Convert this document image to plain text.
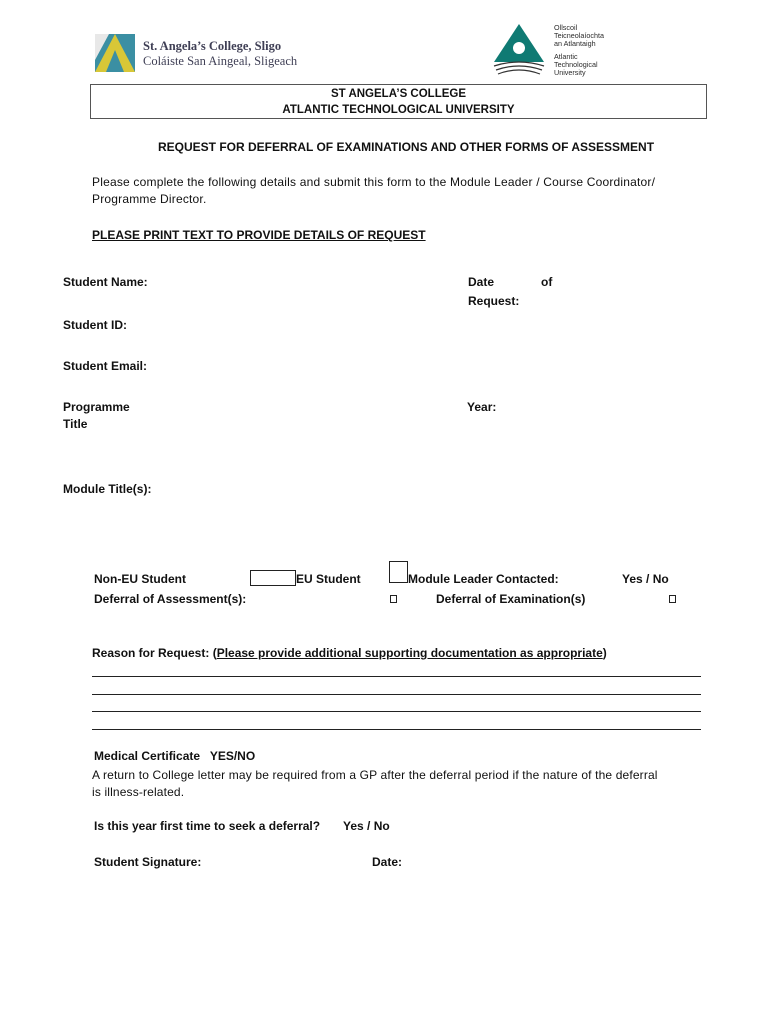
St. Angela’s College, Sligo
Coláiste San Aingeal, Sligeach
Ollscoil
Teicneolaíochta
an Atlantaigh
Atlantic
Technological
University
ST ANGELA’S COLLEGE
ATLANTIC TECHNOLOGICAL UNIVERSITY
REQUEST FOR DEFERRAL OF EXAMINATIONS AND OTHER FORMS OF ASSESSMENT
Please complete the following details and submit this form to the Module Leader / Course Coordinator/
Programme Director.
PLEASE PRINT TEXT TO PROVIDE DETAILS OF REQUEST
Student Name:	Date	of
Request:
Student ID:
Student Email:
Programme
Title
Year:
Module Title(s):
Non-EU Student	EU Student	Module Leader Contacted:	Yes / No
Deferral of Assessment(s):	Deferral of Examination(s)
Reason for Request: (Please provide additional supporting documentation as appropriate)
Medical Certificate   YES/NO
A return to College letter may be required from a GP after the deferral period if the nature of the deferral
is illness-related.
Is this year first time to seek a deferral? Yes / No
Student Signature:	Date:
